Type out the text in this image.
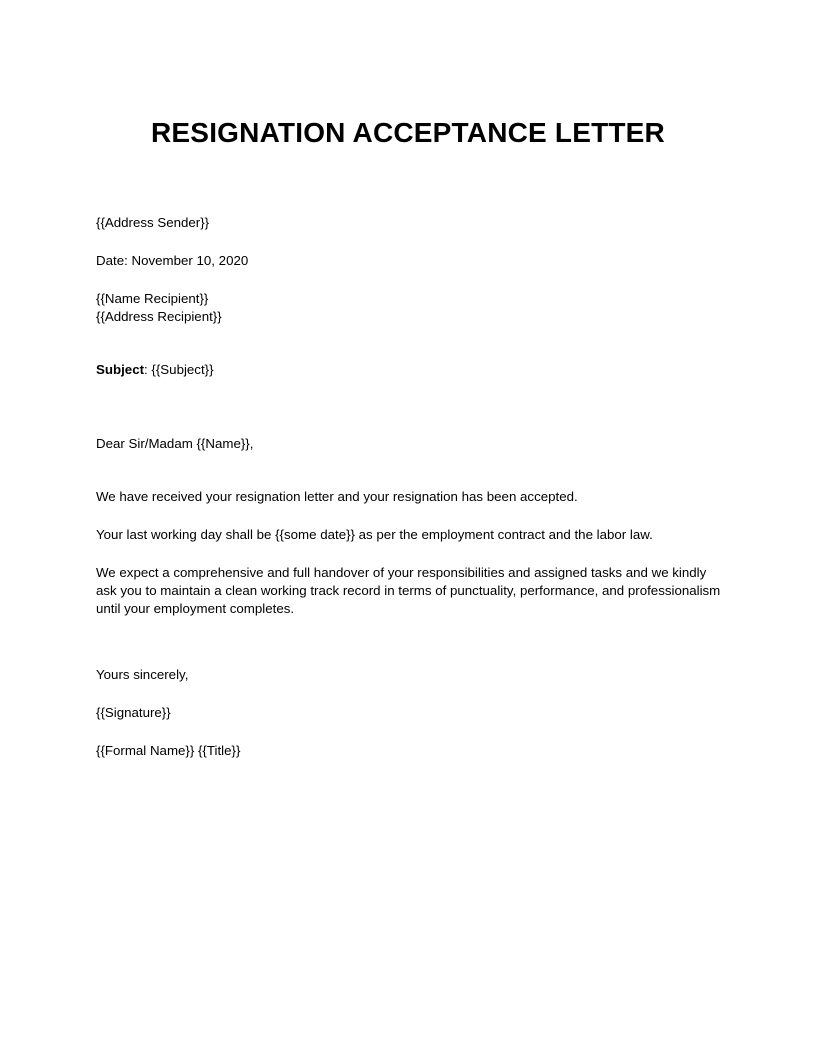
RESIGNATION ACCEPTANCE LETTER

{{Address Sender}}

Date: November 10, 2020

{{Name Recipient}}

{{Address Recipient}}

Subject: {{Subject}}

Dear Sir/Madam {{Name}},

We have received your resignation letter and your resignation has been accepted.

Your last working day shall be {{some date}} as per the employment contract and the labor law.

We expect a comprehensive and full handover of your responsibilities and assigned tasks and we kindly ask you to maintain a clean working track record in terms of punctuality, performance, and professionalism until your employment completes.

Yours sincerely,

{{Signature}}

{{Formal Name}} {{Title}}
